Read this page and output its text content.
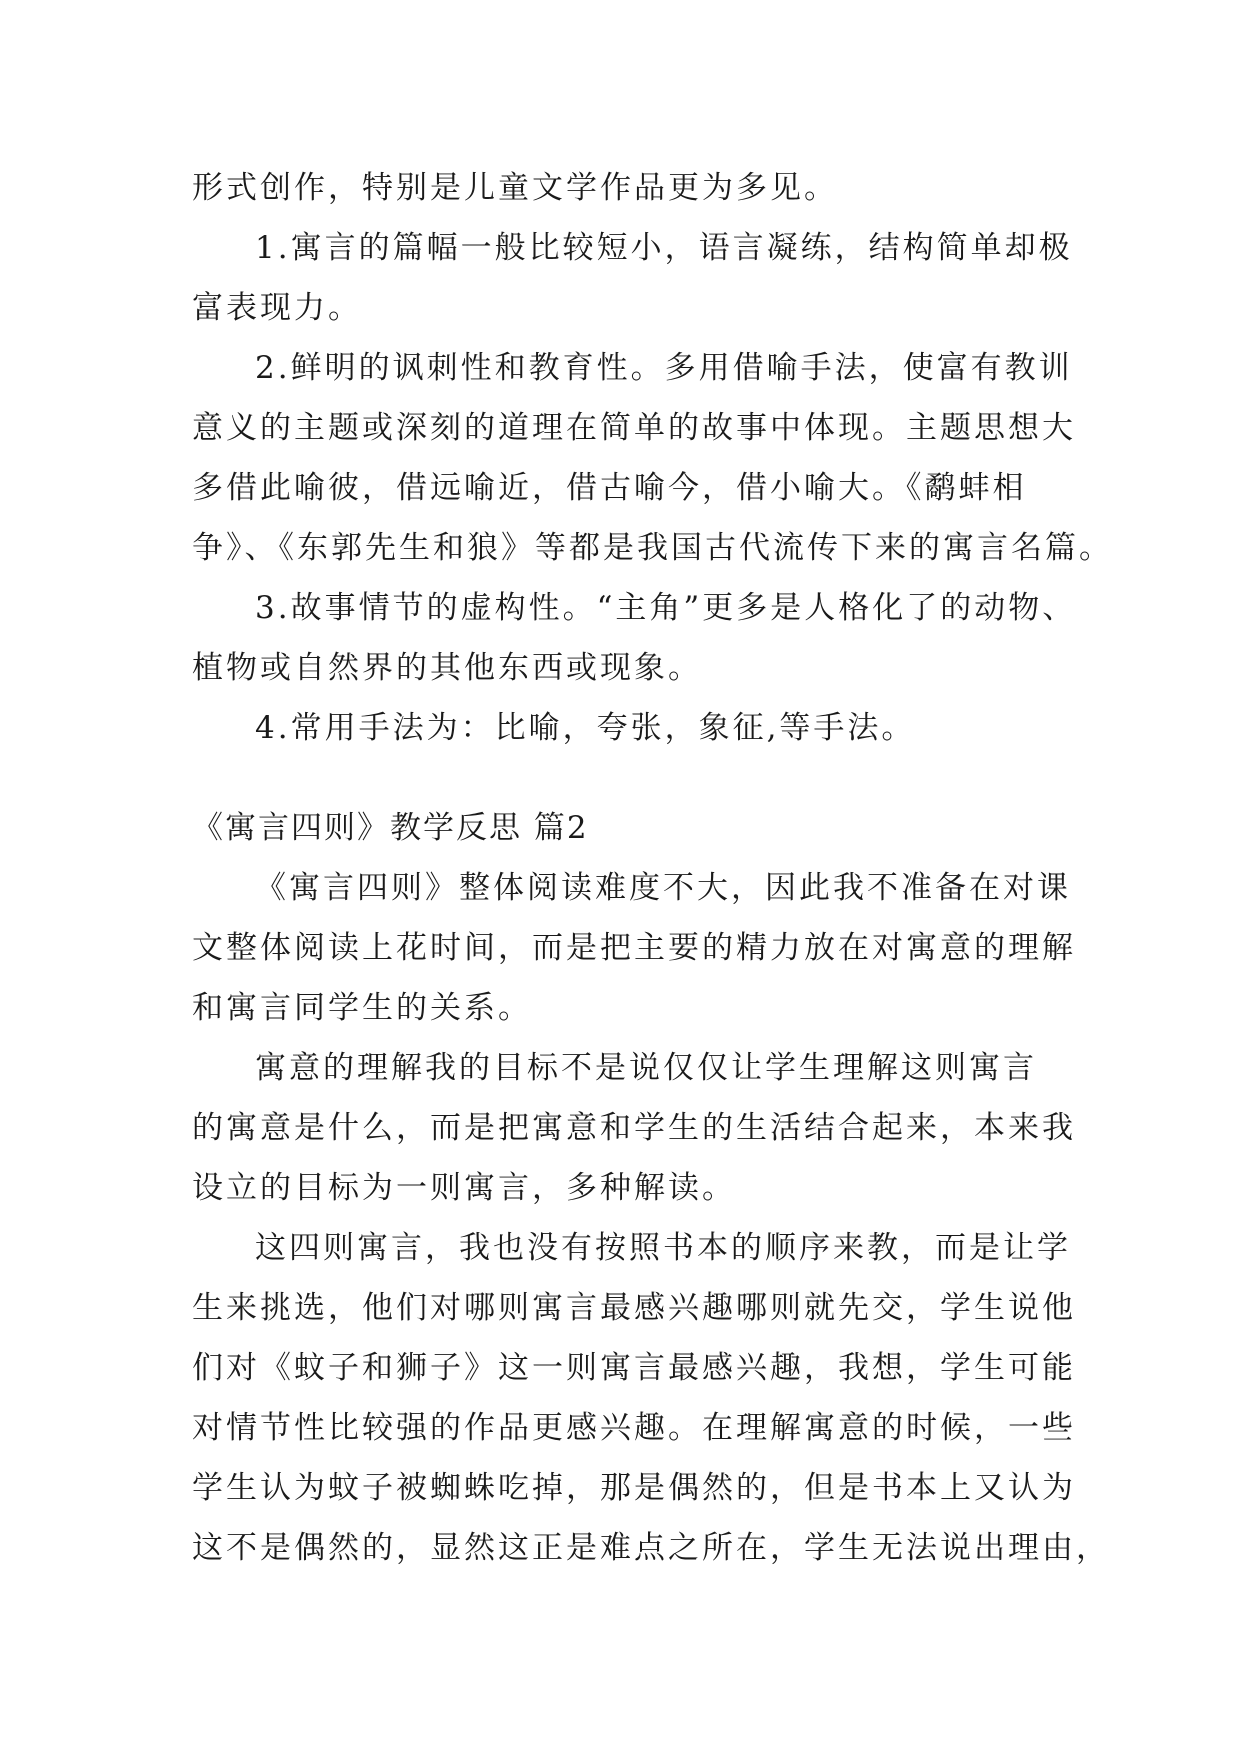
形式创作，特别是儿童文学作品更为多见。
1.寓言的篇幅一般比较短小，语言凝练，结构简单却极
富表现力。
2.鲜明的讽刺性和教育性。多用借喻手法，使富有教训
意义的主题或深刻的道理在简单的故事中体现。主题思想大
多借此喻彼，借远喻近，借古喻今，借小喻大。《鹬蚌相
争》、《东郭先生和狼》等都是我国古代流传下来的寓言名篇。
3.故事情节的虚构性。“主角”更多是人格化了的动物、
植物或自然界的其他东西或现象。
4.常用手法为：比喻，夸张，象征,等手法。
《寓言四则》教学反思 篇2
《寓言四则》整体阅读难度不大，因此我不准备在对课
文整体阅读上花时间，而是把主要的精力放在对寓意的理解
和寓言同学生的关系。
寓意的理解我的目标不是说仅仅让学生理解这则寓言
的寓意是什么，而是把寓意和学生的生活结合起来，本来我
设立的目标为一则寓言，多种解读。
这四则寓言，我也没有按照书本的顺序来教，而是让学
生来挑选，他们对哪则寓言最感兴趣哪则就先交，学生说他
们对《蚊子和狮子》这一则寓言最感兴趣，我想，学生可能
对情节性比较强的作品更感兴趣。在理解寓意的时候，一些
学生认为蚊子被蜘蛛吃掉，那是偶然的，但是书本上又认为
这不是偶然的，显然这正是难点之所在，学生无法说出理由，
